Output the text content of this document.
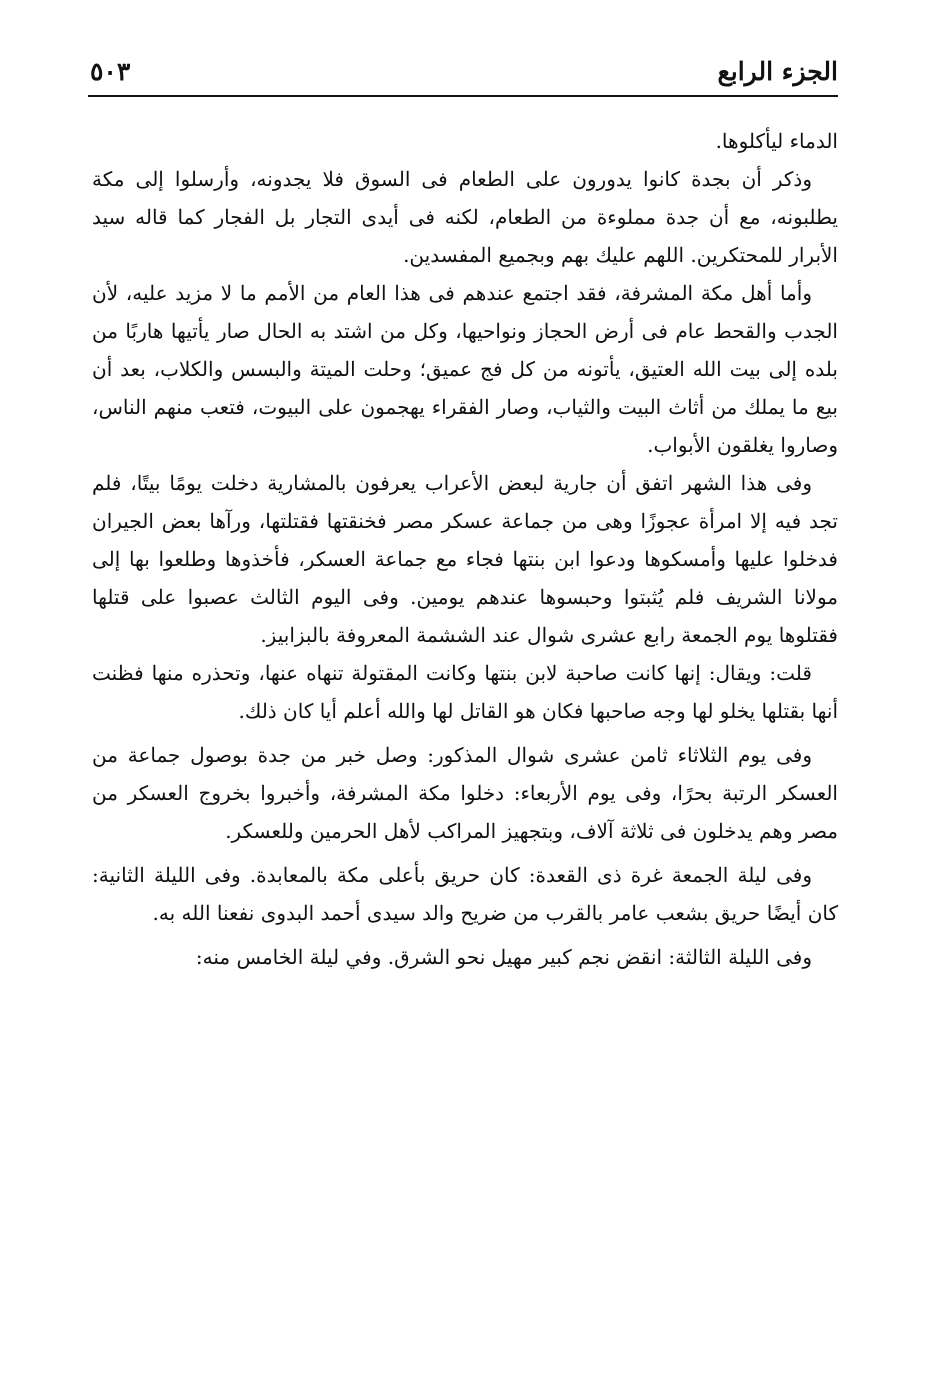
الجزء الرابع
٥٠٣

الدماء ليأكلوها.

وذكر أن بجدة كانوا يدورون على الطعام فى السوق فلا يجدونه، وأرسلوا إلى مكة يطلبونه، مع أن جدة مملوءة من الطعام، لكنه فى أيدى التجار بل الفجار كما قاله سيد الأبرار للمحتكرين. اللهم عليك بهم وبجميع المفسدين.

وأما أهل مكة المشرفة، فقد اجتمع عندهم فى هذا العام من الأمم ما لا مزيد عليه، لأن الجدب والقحط عام فى أرض الحجاز ونواحيها، وكل من اشتد به الحال صار يأتيها هاربًا من بلده إلى بيت الله العتيق، يأتونه من كل فج عميق؛ وحلت الميتة والبسس والكلاب، بعد أن بيع ما يملك من أثاث البيت والثياب، وصار الفقراء يهجمون على البيوت، فتعب منهم الناس، وصاروا يغلقون الأبواب.

وفى هذا الشهر اتفق أن جارية لبعض الأعراب يعرفون بالمشارية دخلت يومًا بيتًا، فلم تجد فيه إلا امرأة عجوزًا وهى من جماعة عسكر مصر فخنقتها فقتلتها، ورآها بعض الجيران فدخلوا عليها وأمسكوها ودعوا ابن بنتها فجاء مع جماعة العسكر، فأخذوها وطلعوا بها إلى مولانا الشريف فلم يُثبتوا وحبسوها عندهم يومين. وفى اليوم الثالث عصبوا على قتلها فقتلوها يوم الجمعة رابع عشرى شوال عند الششمة المعروفة بالبزابيز.

قلت: ويقال: إنها كانت صاحبة لابن بنتها وكانت المقتولة تنهاه عنها، وتحذره منها فظنت أنها بقتلها يخلو لها وجه صاحبها فكان هو القاتل لها والله أعلم أيا كان ذلك.

وفى يوم الثلاثاء ثامن عشرى شوال المذكور: وصل خبر من جدة بوصول جماعة من العسكر الرتبة بحرًا، وفى يوم الأربعاء: دخلوا مكة المشرفة، وأخبروا بخروج العسكر من مصر وهم يدخلون فى ثلاثة آلاف، وبتجهيز المراكب لأهل الحرمين وللعسكر.

وفى ليلة الجمعة غرة ذى القعدة: كان حريق بأعلى مكة بالمعابدة. وفى الليلة الثانية: كان أيضًا حريق بشعب عامر بالقرب من ضريح والد سيدى أحمد البدوى نفعنا الله به.

وفى الليلة الثالثة: انقض نجم كبير مهيل نحو الشرق. وفي ليلة الخامس منه:
